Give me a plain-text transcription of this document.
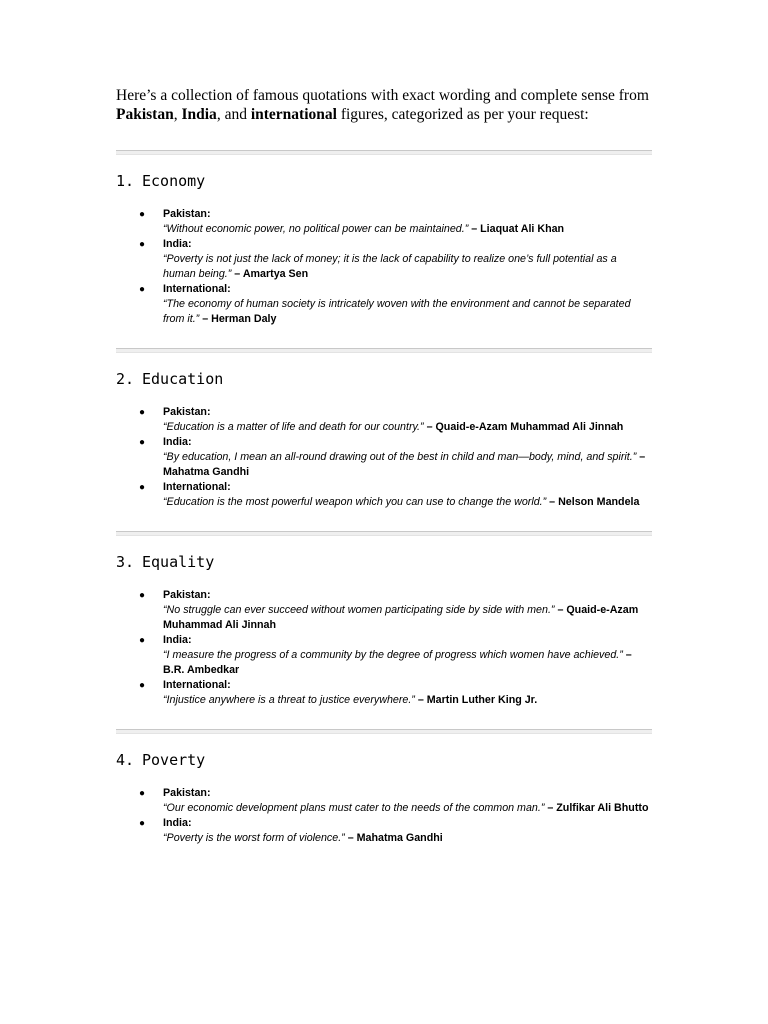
Here’s a collection of famous quotations with exact wording and complete sense from Pakistan, India, and international figures, categorized as per your request:

1. Economy
● Pakistan:
“Without economic power, no political power can be maintained.” – Liaquat Ali Khan
● India:
“Poverty is not just the lack of money; it is the lack of capability to realize one’s full potential as a human being.” – Amartya Sen
● International:
“The economy of human society is intricately woven with the environment and cannot be separated from it.” – Herman Daly
2. Education
● Pakistan:
“Education is a matter of life and death for our country.” – Quaid-e-Azam Muhammad Ali Jinnah
● India:
“By education, I mean an all-round drawing out of the best in child and man—body, mind, and spirit.” – Mahatma Gandhi
● International:
“Education is the most powerful weapon which you can use to change the world.” – Nelson Mandela
3. Equality
● Pakistan:
“No struggle can ever succeed without women participating side by side with men.” – Quaid-e-Azam Muhammad Ali Jinnah
● India:
“I measure the progress of a community by the degree of progress which women have achieved.” – B.R. Ambedkar
● International:
“Injustice anywhere is a threat to justice everywhere.” – Martin Luther King Jr.
4. Poverty
● Pakistan:
“Our economic development plans must cater to the needs of the common man.” – Zulfikar Ali Bhutto
● India:
“Poverty is the worst form of violence.” – Mahatma Gandhi
